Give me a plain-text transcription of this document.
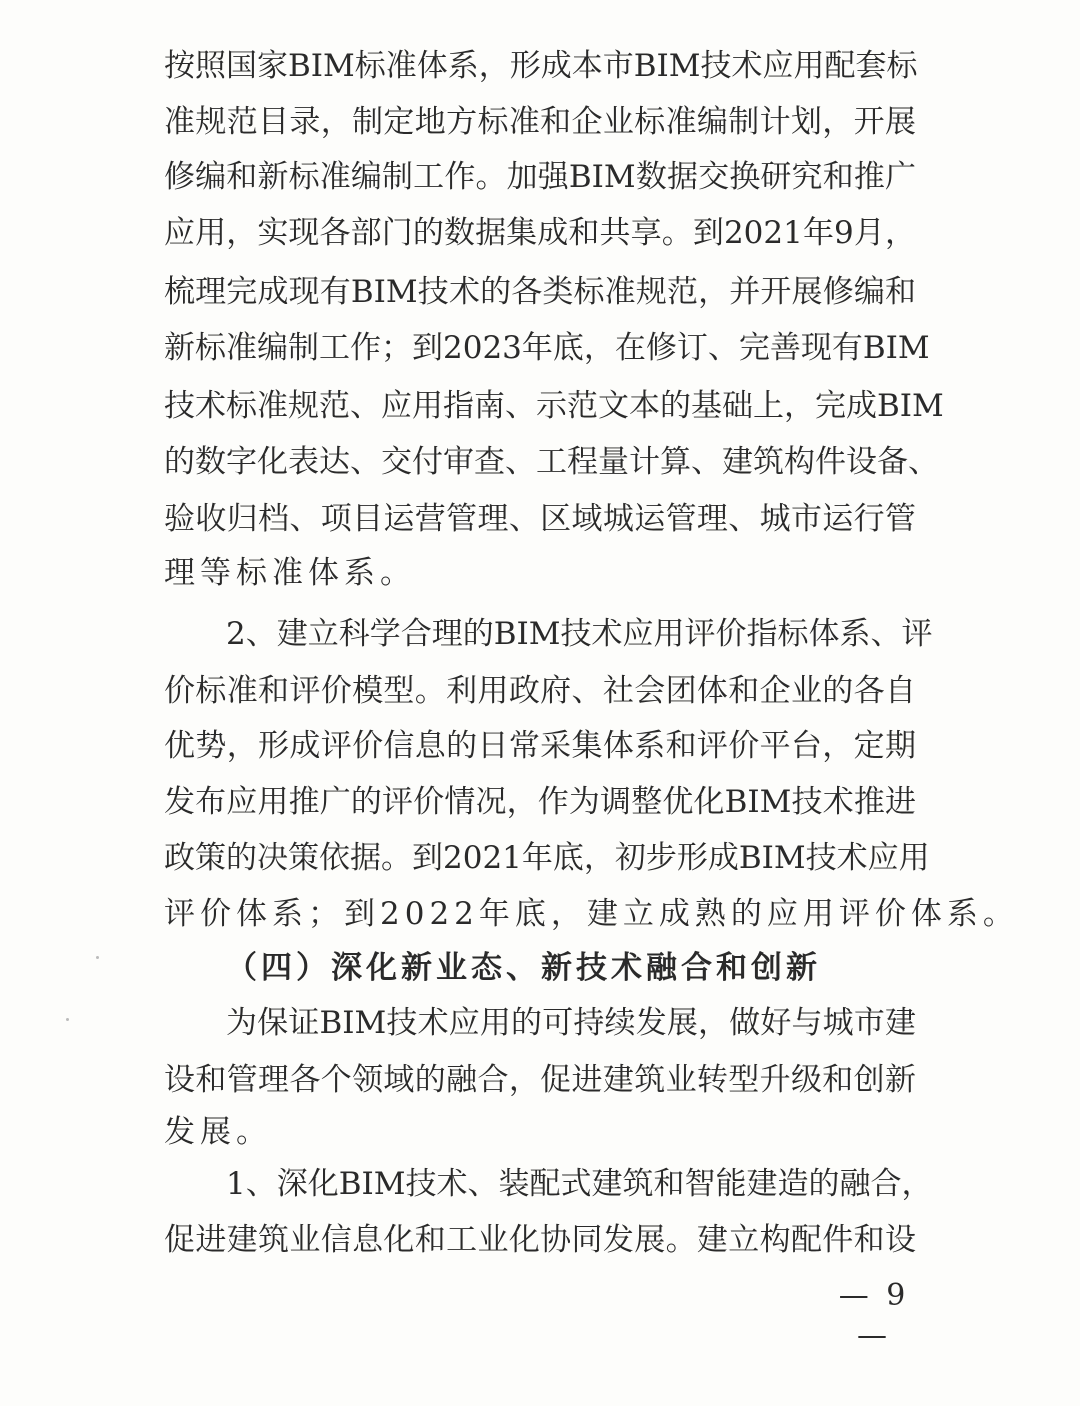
按照国家BIM标准体系，形成本市BIM技术应用配套标
准规范目录，制定地方标准和企业标准编制计划，开展
修编和新标准编制工作。加强BIM数据交换研究和推广
应用，实现各部门的数据集成和共享。到2021年9月，
梳理完成现有BIM技术的各类标准规范，并开展修编和
新标准编制工作；到2023年底，在修订、完善现有BIM
技术标准规范、应用指南、示范文本的基础上，完成BIM
的数字化表达、交付审查、工程量计算、建筑构件设备、
验收归档、项目运营管理、区域城运管理、城市运行管
理等标准体系。
2、建立科学合理的BIM技术应用评价指标体系、评
价标准和评价模型。利用政府、社会团体和企业的各自
优势，形成评价信息的日常采集体系和评价平台，定期
发布应用推广的评价情况，作为调整优化BIM技术推进
政策的决策依据。到2021年底，初步形成BIM技术应用
评价体系；到2022年底，建立成熟的应用评价体系。
（四）深化新业态、新技术融合和创新
为保证BIM技术应用的可持续发展，做好与城市建
设和管理各个领域的融合，促进建筑业转型升级和创新
发展。
1、深化BIM技术、装配式建筑和智能建造的融合，
促进建筑业信息化和工业化协同发展。建立构配件和设
— 9 —
